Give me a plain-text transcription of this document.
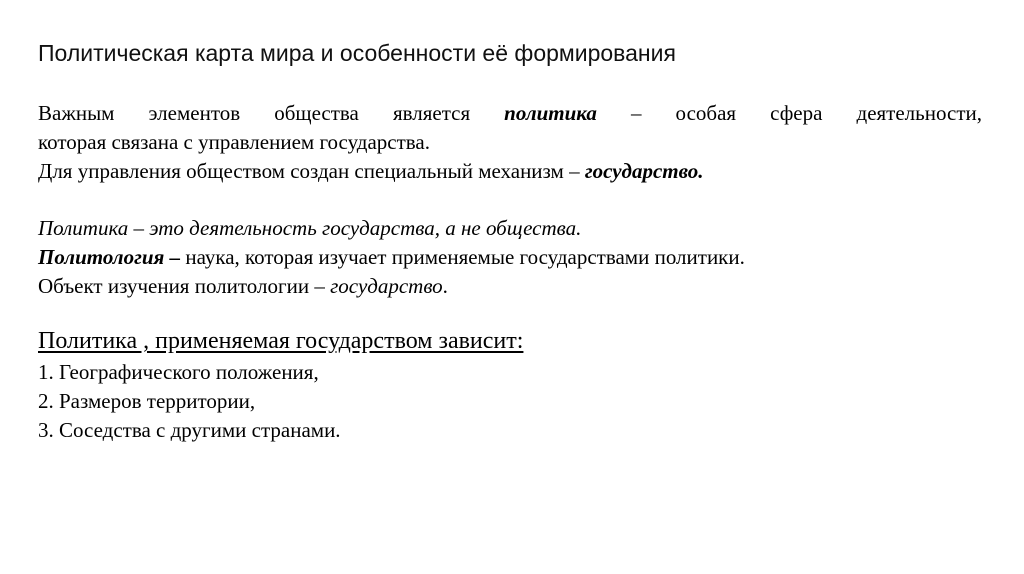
Политическая карта мира и особенности её формирования
Важным элементов общества является политика – особая сфера деятельности,
которая связана с управлением государства.
Для управления обществом создан специальный механизм – государство.
Политика – это деятельность государства, а не общества.
Политология – наука, которая изучает применяемые государствами политики.
Объект изучения политологии – государство.
Политика , применяемая государством зависит:
1. Географического положения,
2. Размеров территории,
3. Соседства с другими странами.
